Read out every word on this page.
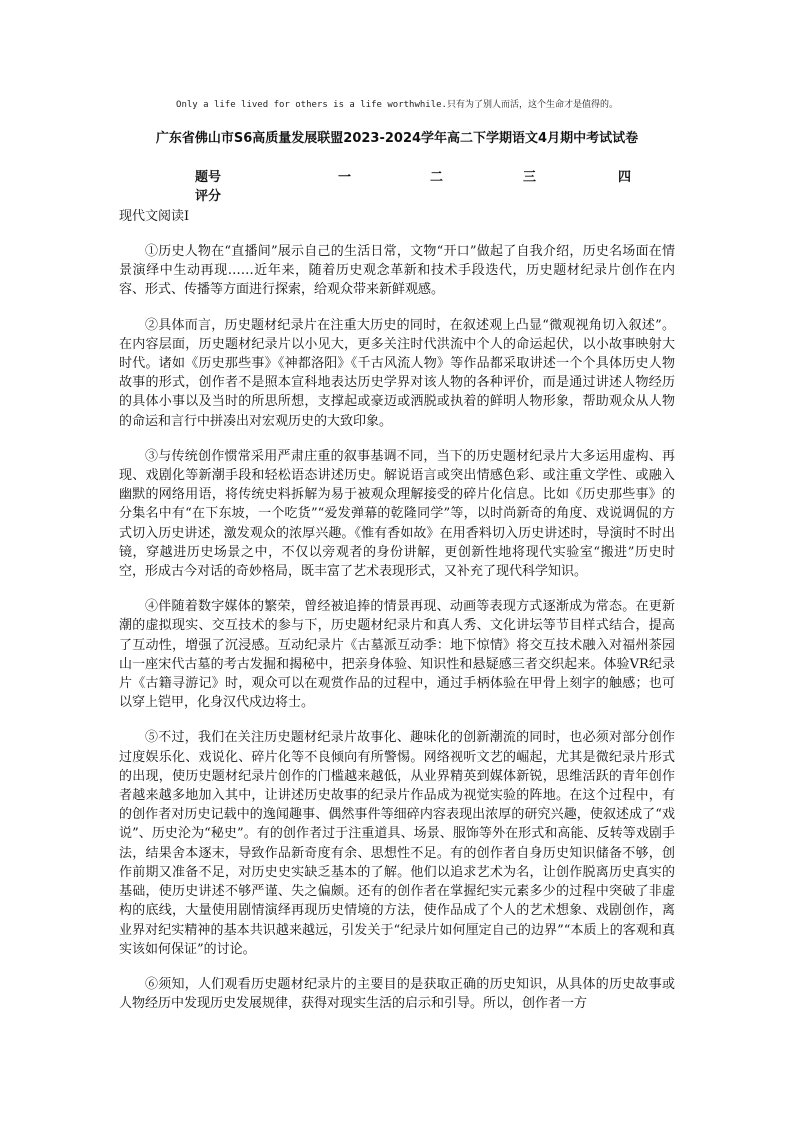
Only a life lived for others is a life worthwhile.只有为了别人而活，这个生命才是值得的。
广东省佛山市S6高质量发展联盟2023-2024学年高二下学期语文4月期中考试试卷
题号	一	二	三	四
评分
现代文阅读Ⅰ

①历史人物在“直播间”展示自己的生活日常，文物“开口”做起了自我介绍，历史名场面在情景演绎中生动再现……近年来，随着历史观念革新和技术手段迭代，历史题材纪录片创作在内容、形式、传播等方面进行探索，给观众带来新鲜观感。

②具体而言，历史题材纪录片在注重大历史的同时，在叙述观上凸显“微观视角切入叙述”。在内容层面，历史题材纪录片以小见大，更多关注时代洪流中个人的命运起伏，以小故事映射大时代。诸如《历史那些事》《神都洛阳》《千古风流人物》等作品都采取讲述一个个具体历史人物故事的形式，创作者不是照本宣科地表达历史学界对该人物的各种评价，而是通过讲述人物经历的具体小事以及当时的所思所想，支撑起或豪迈或洒脱或执着的鲜明人物形象，帮助观众从人物的命运和言行中拼凑出对宏观历史的大致印象。

③与传统创作惯常采用严肃庄重的叙事基调不同，当下的历史题材纪录片大多运用虚构、再现、戏剧化等新潮手段和轻松语态讲述历史。解说语言或突出情感色彩、或注重文学性、或融入幽默的网络用语，将传统史料拆解为易于被观众理解接受的碎片化信息。比如《历史那些事》的分集名中有“在下东坡，一个吃货”“爱发弹幕的乾隆同学”等，以时尚新奇的角度、戏说调侃的方式切入历史讲述，激发观众的浓厚兴趣。《惟有香如故》在用香料切入历史讲述时，导演时不时出镜，穿越进历史场景之中，不仅以旁观者的身份讲解，更创新性地将现代实验室“搬进”历史时空，形成古今对话的奇妙格局，既丰富了艺术表现形式，又补充了现代科学知识。

④伴随着数字媒体的繁荣，曾经被追捧的情景再现、动画等表现方式逐渐成为常态。在更新潮的虚拟现实、交互技术的参与下，历史题材纪录片和真人秀、文化讲坛等节目样式结合，提高了互动性，增强了沉浸感。互动纪录片《古墓派互动季：地下惊情》将交互技术融入对福州茶园山一座宋代古墓的考古发掘和揭秘中，把亲身体验、知识性和悬疑感三者交织起来。体验VR纪录片《古籍寻游记》时，观众可以在观赏作品的过程中，通过手柄体验在甲骨上刻字的触感；也可以穿上铠甲，化身汉代戍边将士。

⑤不过，我们在关注历史题材纪录片故事化、趣味化的创新潮流的同时，也必须对部分创作过度娱乐化、戏说化、碎片化等不良倾向有所警惕。网络视听文艺的崛起，尤其是微纪录片形式的出现，使历史题材纪录片创作的门槛越来越低，从业界精英到媒体新锐，思维活跃的青年创作者越来越多地加入其中，让讲述历史故事的纪录片作品成为视觉实验的阵地。在这个过程中，有的创作者对历史记载中的逸闻趣事、偶然事件等细碎内容表现出浓厚的研究兴趣，使叙述成了“戏说”、历史沦为“秘史”。有的创作者过于注重道具、场景、服饰等外在形式和高能、反转等戏剧手法，结果舍本逐末，导致作品新奇度有余、思想性不足。有的创作者自身历史知识储备不够，创作前期又准备不足，对历史史实缺乏基本的了解。他们以追求艺术为名，让创作脱离历史真实的基础，使历史讲述不够严谨、失之偏颇。还有的创作者在掌握纪实元素多少的过程中突破了非虚构的底线，大量使用剧情演绎再现历史情境的方法，使作品成了个人的艺术想象、戏剧创作，离业界对纪实精神的基本共识越来越远，引发关于“纪录片如何厘定自己的边界”“本质上的客观和真实该如何保证”的讨论。

⑥须知，人们观看历史题材纪录片的主要目的是获取正确的历史知识，从具体的历史故事或人物经历中发现历史发展规律，获得对现实生活的启示和引导。所以，创作者一方
